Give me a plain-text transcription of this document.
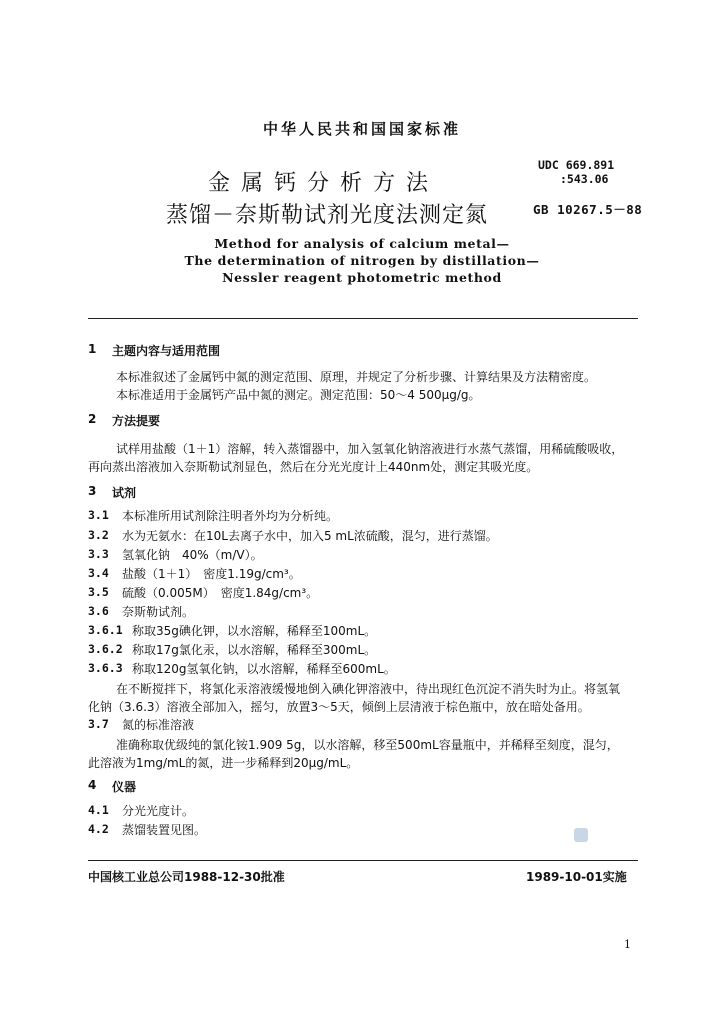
中华人民共和国国家标准
金属钙分析方法
蒸馏－奈斯勒试剂光度法测定氮
UDC 669.891
:543.06
GB 10267.5－88
Method for analysis of calcium metal—
The determination of nitrogen by distillation—
Nessler reagent photometric method
1 主题内容与适用范围
本标准叙述了金属钙中氮的测定范围、原理，并规定了分析步骤、计算结果及方法精密度。
本标准适用于金属钙产品中氮的测定。测定范围：50～4 500μg/g。
2 方法提要
试样用盐酸（1＋1）溶解，转入蒸馏器中，加入氢氧化钠溶液进行水蒸气蒸馏，用稀硫酸吸收，
再向蒸出溶液加入奈斯勒试剂显色，然后在分光光度计上440nm处，测定其吸光度。
3 试剂
3.1 本标准所用试剂除注明者外均为分析纯。
3.2 水为无氨水：在10L去离子水中，加入5 mL浓硫酸，混匀，进行蒸馏。
3.3 氢氧化钠　40%（m/V）。
3.4 盐酸（1＋1）　密度1.19g/cm³。
3.5 硫酸（0.005M）　密度1.84g/cm³。
3.6 奈斯勒试剂。
3.6.1 称取35g碘化钾，以水溶解，稀释至100mL。
3.6.2 称取17g氯化汞，以水溶解，稀释至300mL。
3.6.3 称取120g氢氧化钠，以水溶解，稀释至600mL。
在不断搅拌下，将氯化汞溶液缓慢地倒入碘化钾溶液中，待出现红色沉淀不消失时为止。将氢氧
化钠（3.6.3）溶液全部加入，摇匀，放置3～5天，倾倒上层清液于棕色瓶中，放在暗处备用。
3.7 氮的标准溶液
准确称取优级纯的氯化铵1.909 5g，以水溶解，移至500mL容量瓶中，并稀释至刻度，混匀，
此溶液为1mg/mL的氮，进一步稀释到20μg/mL。
4 仪器
4.1 分光光度计。
4.2 蒸馏装置见图。
中国核工业总公司1988-12-30批准	1989-10-01实施
1
